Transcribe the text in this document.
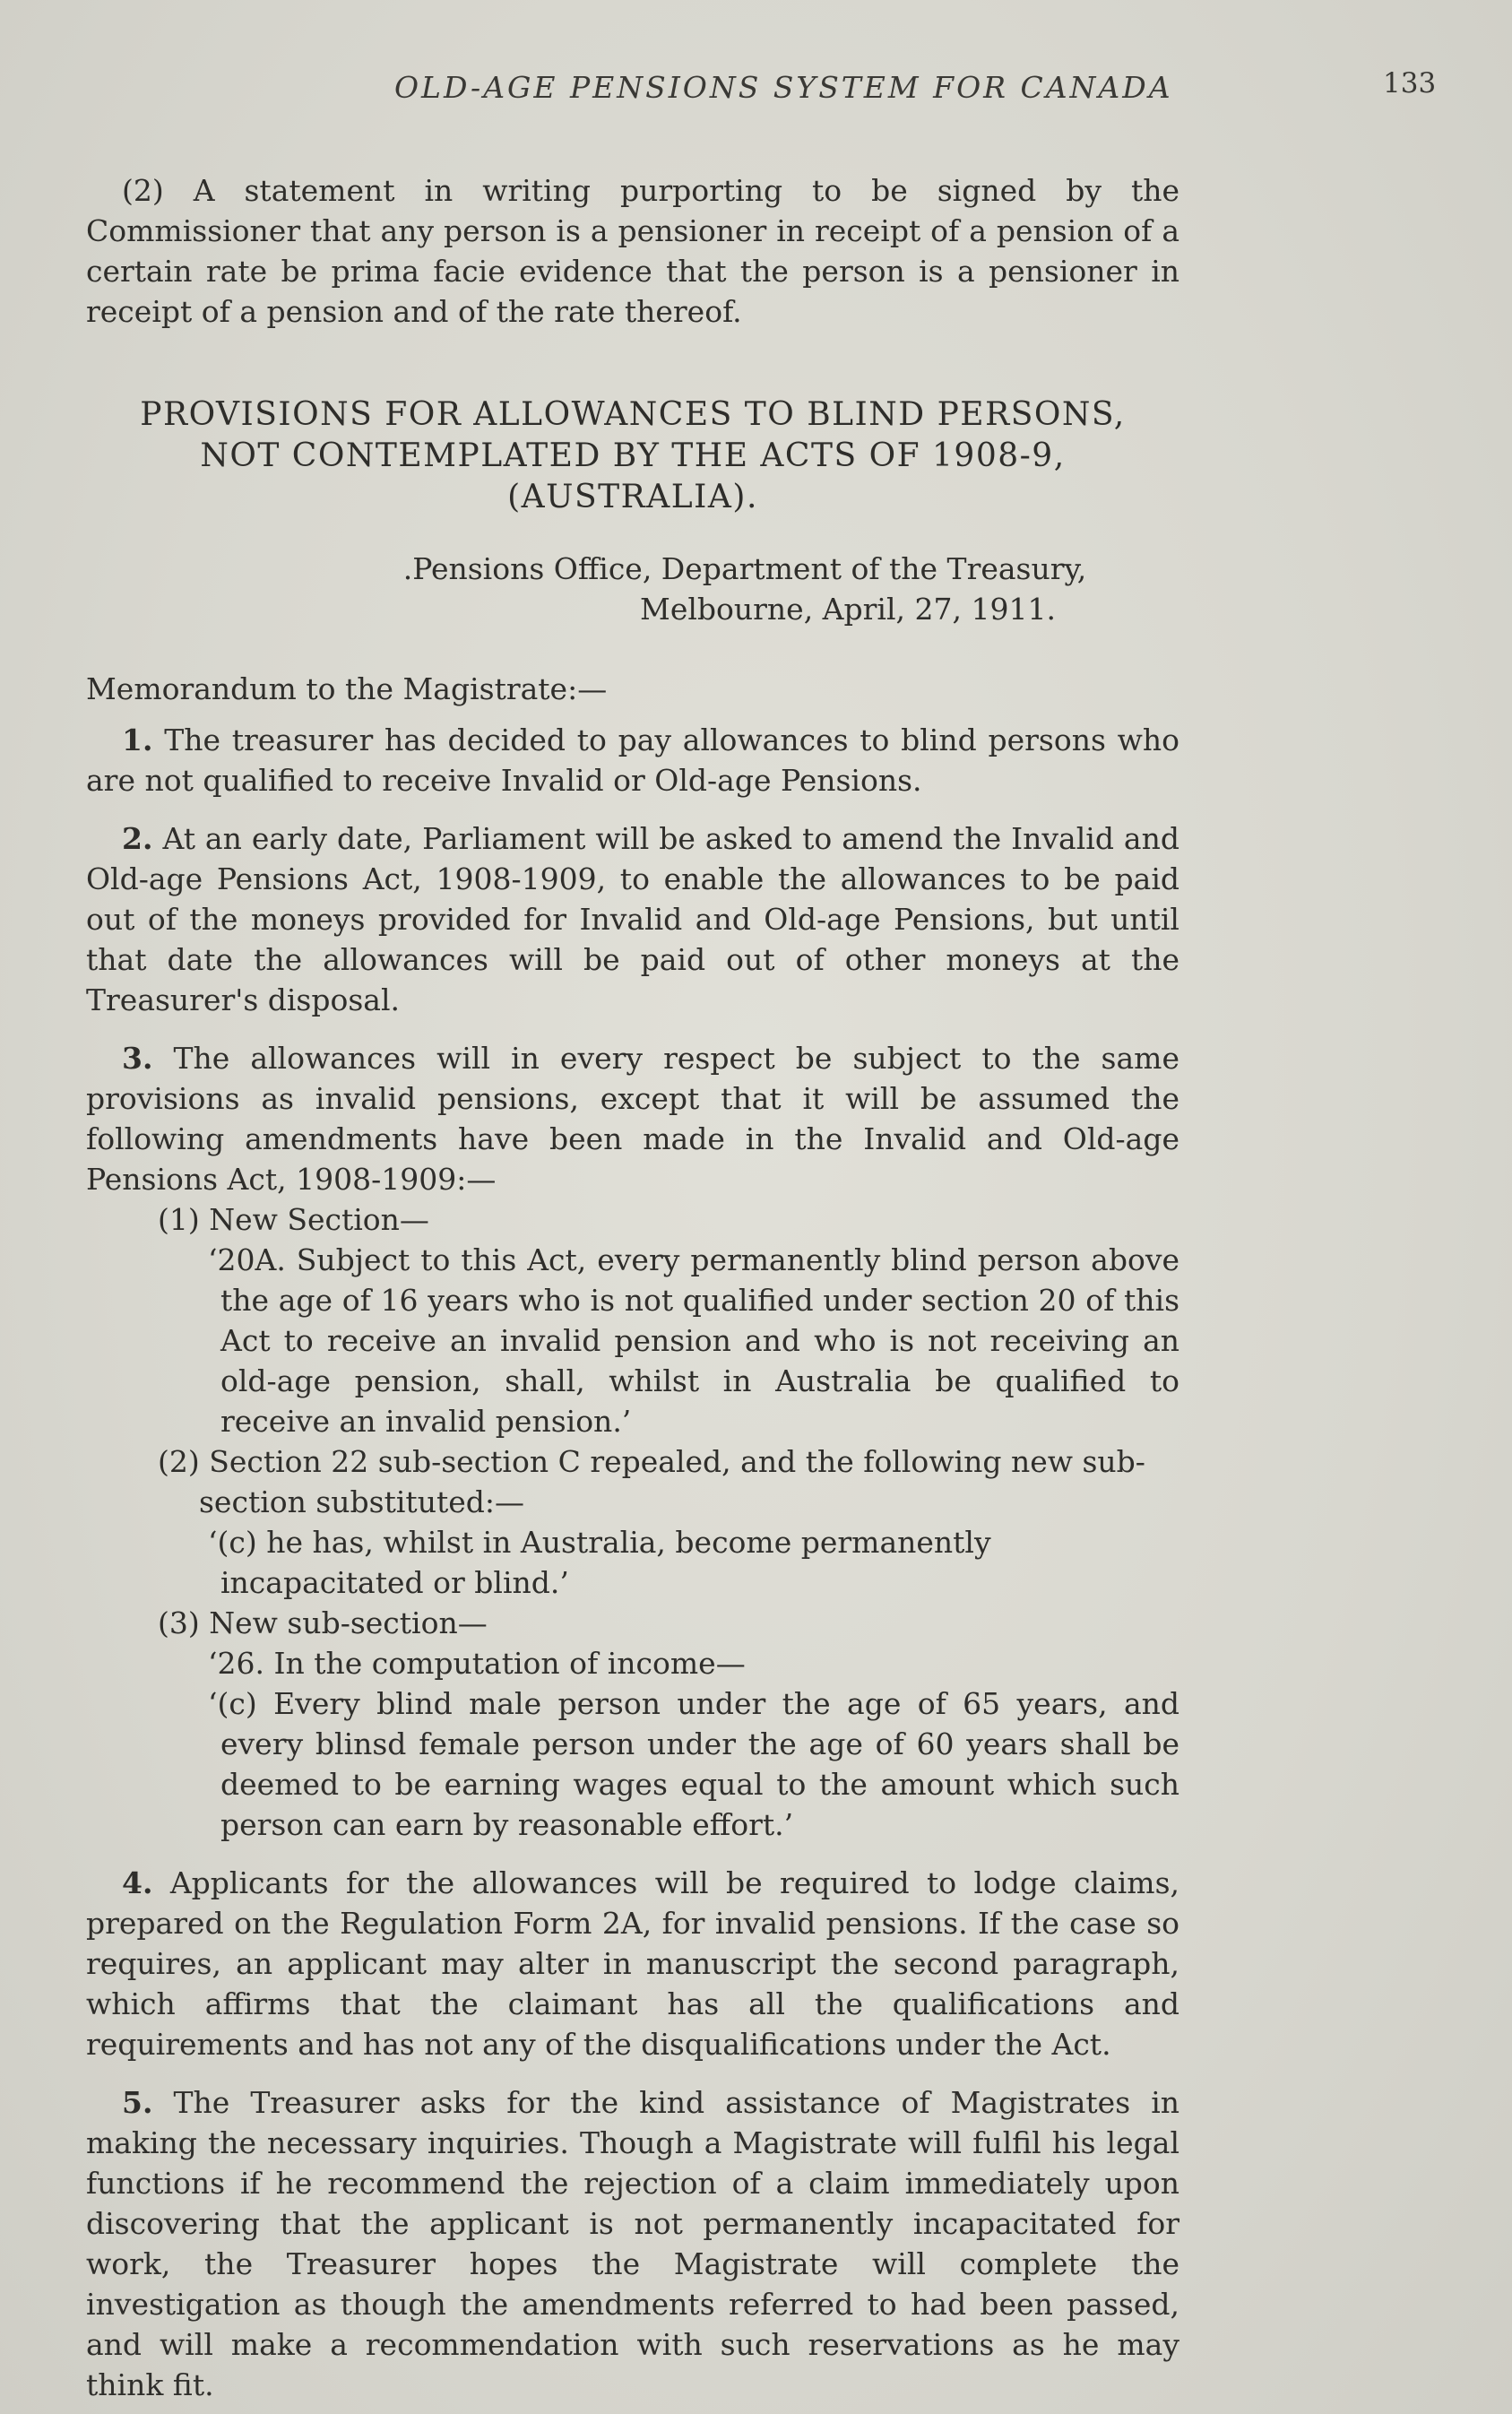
OLD-AGE PENSIONS SYSTEM FOR CANADA	133

(2) A statement in writing purporting to be signed by the Commissioner that any person is a pensioner in receipt of a pension of a certain rate be prima facie evidence that the person is a pensioner in receipt of a pension and of the rate thereof.

PROVISIONS FOR ALLOWANCES TO BLIND PERSONS,
NOT CONTEMPLATED BY THE ACTS OF 1908-9,
(AUSTRALIA).
.Pensions Office, Department of the Treasury,
Melbourne, April, 27, 1911.

Memorandum to the Magistrate:—

1. The treasurer has decided to pay allowances to blind persons who are not qualified to receive Invalid or Old-age Pensions.

2. At an early date, Parliament will be asked to amend the Invalid and Old-age Pensions Act, 1908-1909, to enable the allowances to be paid out of the moneys provided for Invalid and Old-age Pensions, but until that date the allowances will be paid out of other moneys at the Treasurer's disposal.

3. The allowances will in every respect be subject to the same provisions as invalid pensions, except that it will be assumed the following amendments have been made in the Invalid and Old-age Pensions Act, 1908-1909:—

(1) New Section—

‘20A. Subject to this Act, every permanently blind person above the age of 16 years who is not qualified under section 20 of this Act to receive an invalid pension and who is not receiving an old-age pension, shall, whilst in Australia be qualified to receive an invalid pension.’

(2) Section 22 sub-section C repealed, and the following new sub-section substituted:—

‘(c) he has, whilst in Australia, become permanently incapacitated or blind.’

(3) New sub-section—

‘26. In the computation of income—

‘(c) Every blind male person under the age of 65 years, and every blinsd female person under the age of 60 years shall be deemed to be earning wages equal to the amount which such person can earn by reasonable effort.’

4. Applicants for the allowances will be required to lodge claims, prepared on the Regulation Form 2A, for invalid pensions. If the case so requires, an applicant may alter in manuscript the second paragraph, which affirms that the claimant has all the qualifications and requirements and has not any of the disqualifications under the Act.

5. The Treasurer asks for the kind assistance of Magistrates in making the necessary inquiries. Though a Magistrate will fulfil his legal functions if he recommend the rejection of a claim immediately upon discovering that the applicant is not permanently incapacitated for work, the Treasurer hopes the Magistrate will complete the investigation as though the amendments referred to had been passed, and will make a recommendation with such reservations as he may think fit.
